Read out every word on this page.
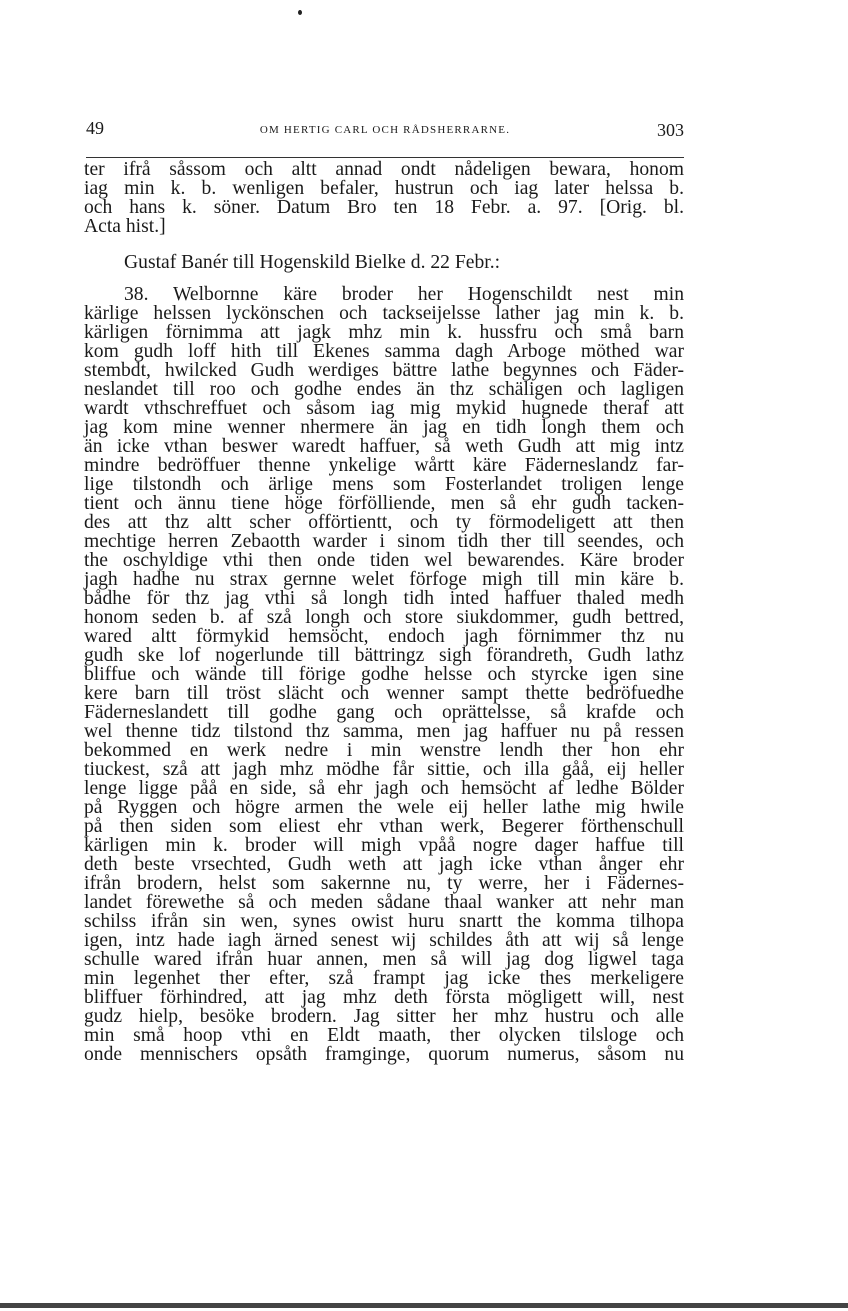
49	OM HERTIG CARL OCH RÅDSHERRARNE.	303
ter ifrå såssom och altt annad ondt nådeligen bewara, honom
iag min k. b. wenligen befaler, hustrun och iag later helssa b.
och hans k. söner. Datum Bro ten 18 Febr. a. 97. [Orig. bl.
Acta hist.]
Gustaf Banér till Hogenskild Bielke d. 22 Febr.:
38. Welbornne käre broder her Hogenschildt nest min
kärlige helssen lyckönschen och tackseijelsse lather jag min k. b.
kärligen förnimma att jagk mhz min k. hussfru och små barn
kom gudh loff hith till Ekenes samma dagh Arboge möthed war
stembdt, hwilcked Gudh werdiges bättre lathe begynnes och Fäder-
neslandet till roo och godhe endes än thz schäligen och lagligen
wardt vthschreffuet och såsom iag mig mykid hugnede theraf att
jag kom mine wenner nhermere än jag en tidh longh them och
än icke vthan beswer waredt haffuer, så weth Gudh att mig intz
mindre bedröffuer thenne ynkelige wårtt käre Fäderneslandz far-
lige tilstondh och ärlige mens som Fosterlandet troligen lenge
tient och ännu tiene höge förfölliende, men så ehr gudh tacken-
des att thz altt scher offörtientt, och ty förmodeligett att then
mechtige herren Zebaotth warder i sinom tidh ther till seendes, och
the oschyldige vthi then onde tiden wel bewarendes. Käre broder
jagh hadhe nu strax gernne welet förfoge migh till min käre b.
bådhe för thz jag vthi så longh tidh inted haffuer thaled medh
honom seden b. af szå longh och store siukdommer, gudh bettred,
wared altt förmykid hemsöcht, endoch jagh förnimmer thz nu
gudh ske lof nogerlunde till bättringz sigh förandreth, Gudh lathz
bliffue och wände till förige godhe helsse och styrcke igen sine
kere barn till tröst slächt och wenner sampt thette bedröfuedhe
Fäderneslandett till godhe gang och oprättelsse, så krafde och
wel thenne tidz tilstond thz samma, men jag haffuer nu på ressen
bekommed en werk nedre i min wenstre lendh ther hon ehr
tiuckest, szå att jagh mhz mödhe får sittie, och illa gåå, eij heller
lenge ligge påå en side, så ehr jagh och hemsöcht af ledhe Bölder
på Ryggen och högre armen the wele eij heller lathe mig hwile
på then siden som eliest ehr vthan werk, Begerer förthenschull
kärligen min k. broder will migh vpåå nogre dager haffue till
deth beste vrsechted, Gudh weth att jagh icke vthan ånger ehr
ifrån brodern, helst som sakernne nu, ty werre, her i Fädernes-
landet förewethe så och meden sådane thaal wanker att nehr man
schilss ifrån sin wen, synes owist huru snartt the komma tilhopa
igen, intz hade iagh ärned senest wij schildes åth att wij så lenge
schulle wared ifrån huar annen, men så will jag dog ligwel taga
min legenhet ther efter, szå frampt jag icke thes merkeligere
bliffuer förhindred, att jag mhz deth första mögligett will, nest
gudz hielp, besöke brodern. Jag sitter her mhz hustru och alle
min små hoop vthi en Eldt maath, ther olycken tilsloge och
onde mennischers opsåth framginge, quorum numerus, såsom nu
